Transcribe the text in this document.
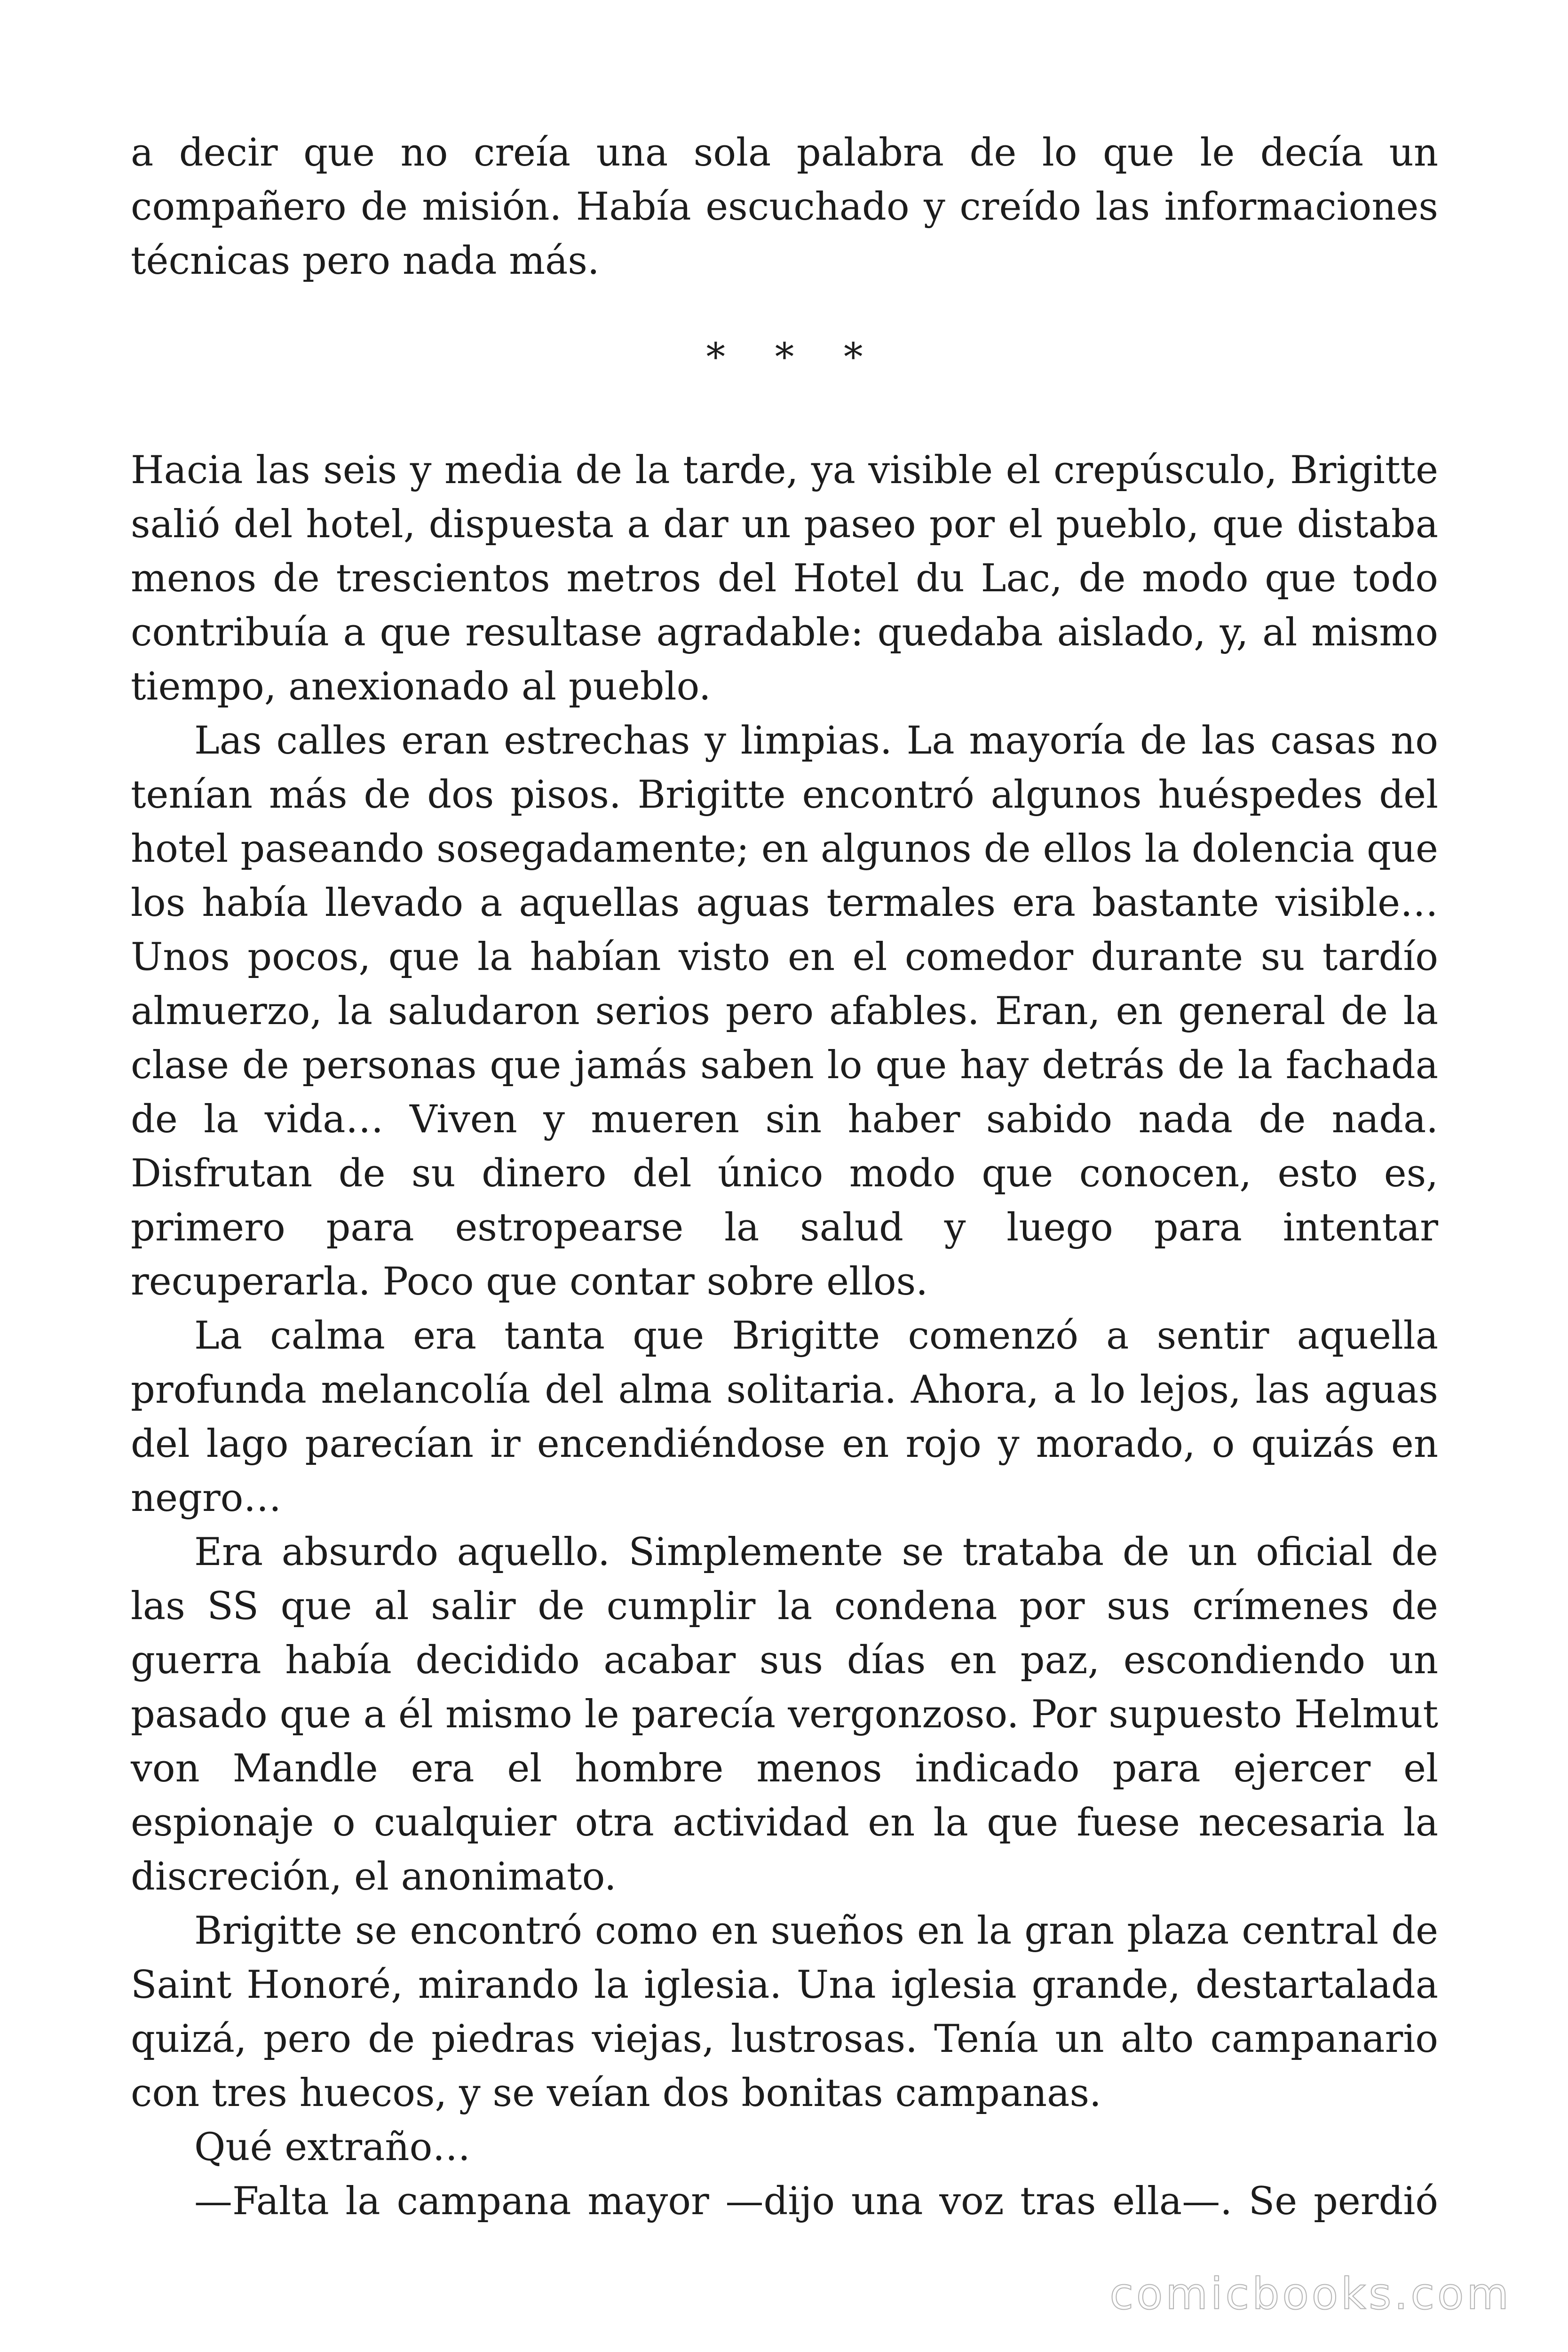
a decir que no creía una sola palabra de lo que le decía un compañero de misión. Había escuchado y creído las informaciones técnicas pero nada más.

* * *

Hacia las seis y media de la tarde, ya visible el crepúsculo, Brigitte salió del hotel, dispuesta a dar un paseo por el pueblo, que distaba menos de trescientos metros del Hotel du Lac, de modo que todo contribuía a que resultase agradable: quedaba aislado, y, al mismo tiempo, anexionado al pueblo.

Las calles eran estrechas y limpias. La mayoría de las casas no tenían más de dos pisos. Brigitte encontró algunos huéspedes del hotel paseando sosegadamente; en algunos de ellos la dolencia que los había llevado a aquellas aguas termales era bastante visible… Unos pocos, que la habían visto en el comedor durante su tardío almuerzo, la saludaron serios pero afables. Eran, en general de la clase de personas que jamás saben lo que hay detrás de la fachada de la vida… Viven y mueren sin haber sabido nada de nada. Disfrutan de su dinero del único modo que conocen, esto es, primero para estropearse la salud y luego para intentar recuperarla. Poco que contar sobre ellos.

La calma era tanta que Brigitte comenzó a sentir aquella profunda melancolía del alma solitaria. Ahora, a lo lejos, las aguas del lago parecían ir encendiéndose en rojo y morado, o quizás en negro…

Era absurdo aquello. Simplemente se trataba de un oficial de las SS que al salir de cumplir la condena por sus crímenes de guerra había decidido acabar sus días en paz, escondiendo un pasado que a él mismo le parecía vergonzoso. Por supuesto Helmut von Mandle era el hombre menos indicado para ejercer el espionaje o cualquier otra actividad en la que fuese necesaria la discreción, el anonimato.

Brigitte se encontró como en sueños en la gran plaza central de Saint Honoré, mirando la iglesia. Una iglesia grande, destartalada quizá, pero de piedras viejas, lustrosas. Tenía un alto campanario con tres huecos, y se veían dos bonitas campanas.

Qué extraño…

—Falta la campana mayor —dijo una voz tras ella—. Se perdió

comicbooks.com
